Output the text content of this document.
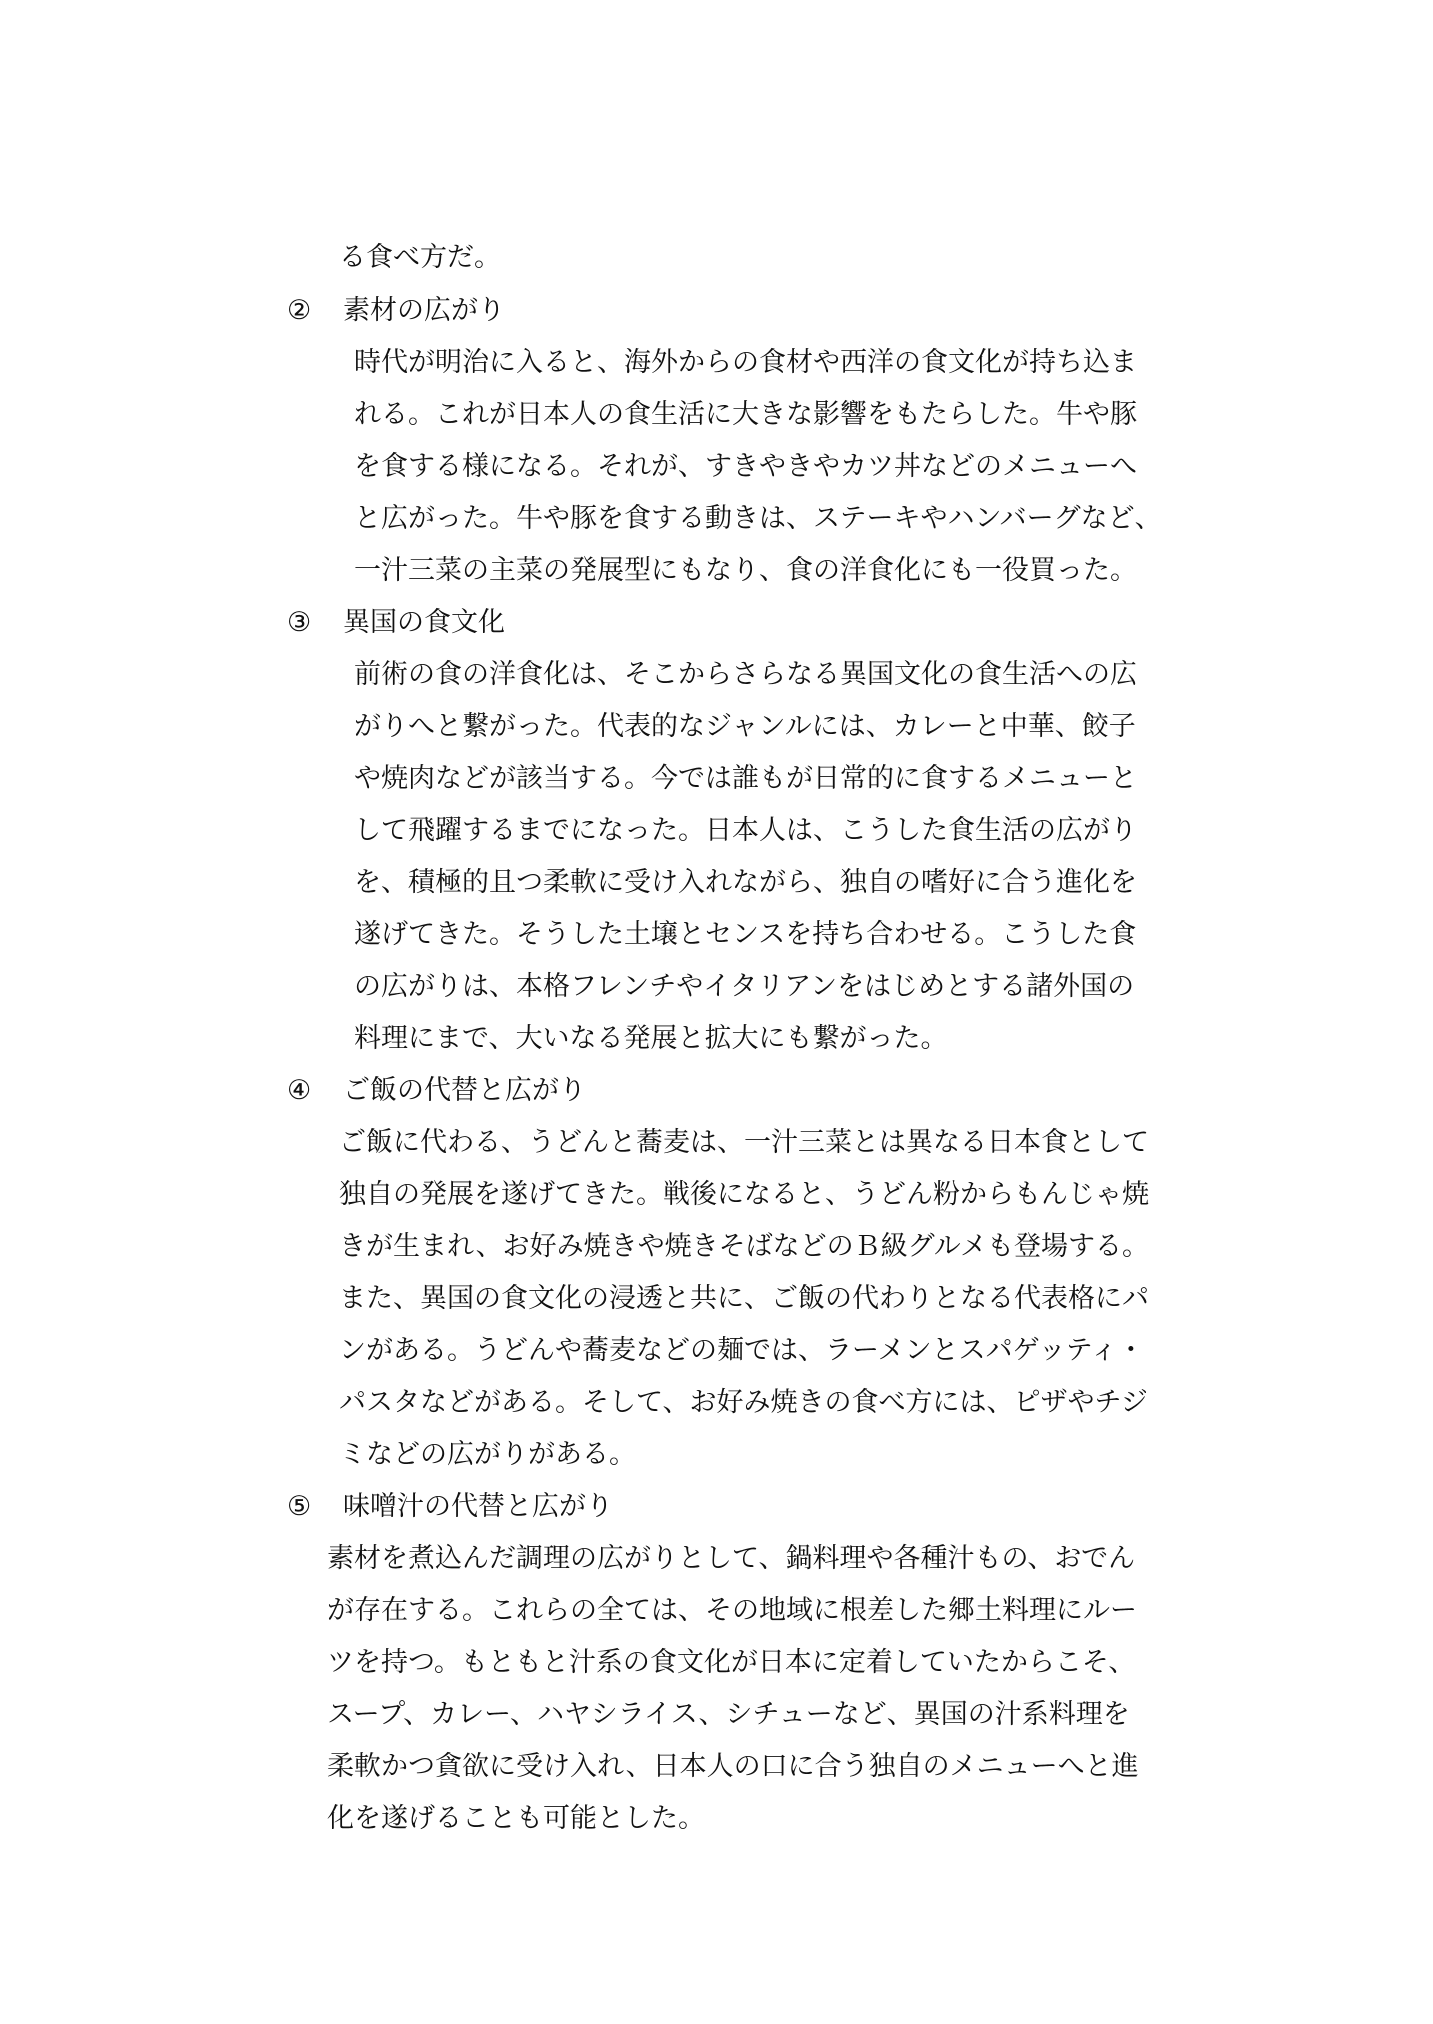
る食べ方だ。
② 素材の広がり
時代が明治に入ると、海外からの食材や西洋の食文化が持ち込ま
れる。これが日本人の食生活に大きな影響をもたらした。牛や豚
を食する様になる。それが、すきやきやカツ丼などのメニューへ
と広がった。牛や豚を食する動きは、ステーキやハンバーグなど、
一汁三菜の主菜の発展型にもなり、食の洋食化にも一役買った。
③ 異国の食文化
前術の食の洋食化は、そこからさらなる異国文化の食生活への広
がりへと繋がった。代表的なジャンルには、カレーと中華、餃子
や焼肉などが該当する。今では誰もが日常的に食するメニューと
して飛躍するまでになった。日本人は、こうした食生活の広がり
を、積極的且つ柔軟に受け入れながら、独自の嗜好に合う進化を
遂げてきた。そうした土壌とセンスを持ち合わせる。こうした食
の広がりは、本格フレンチやイタリアンをはじめとする諸外国の
料理にまで、大いなる発展と拡大にも繋がった。
④ ご飯の代替と広がり
ご飯に代わる、うどんと蕎麦は、一汁三菜とは異なる日本食として
独自の発展を遂げてきた。戦後になると、うどん粉からもんじゃ焼
きが生まれ、お好み焼きや焼きそばなどのＢ級グルメも登場する。
また、異国の食文化の浸透と共に、ご飯の代わりとなる代表格にパ
ンがある。うどんや蕎麦などの麺では、ラーメンとスパゲッティ・
パスタなどがある。そして、お好み焼きの食べ方には、ピザやチジ
ミなどの広がりがある。
⑤ 味噌汁の代替と広がり
素材を煮込んだ調理の広がりとして、鍋料理や各種汁もの、おでん
が存在する。これらの全ては、その地域に根差した郷土料理にルー
ツを持つ。もともと汁系の食文化が日本に定着していたからこそ、
スープ、カレー、ハヤシライス、シチューなど、異国の汁系料理を
柔軟かつ貪欲に受け入れ、日本人の口に合う独自のメニューへと進
化を遂げることも可能とした。
